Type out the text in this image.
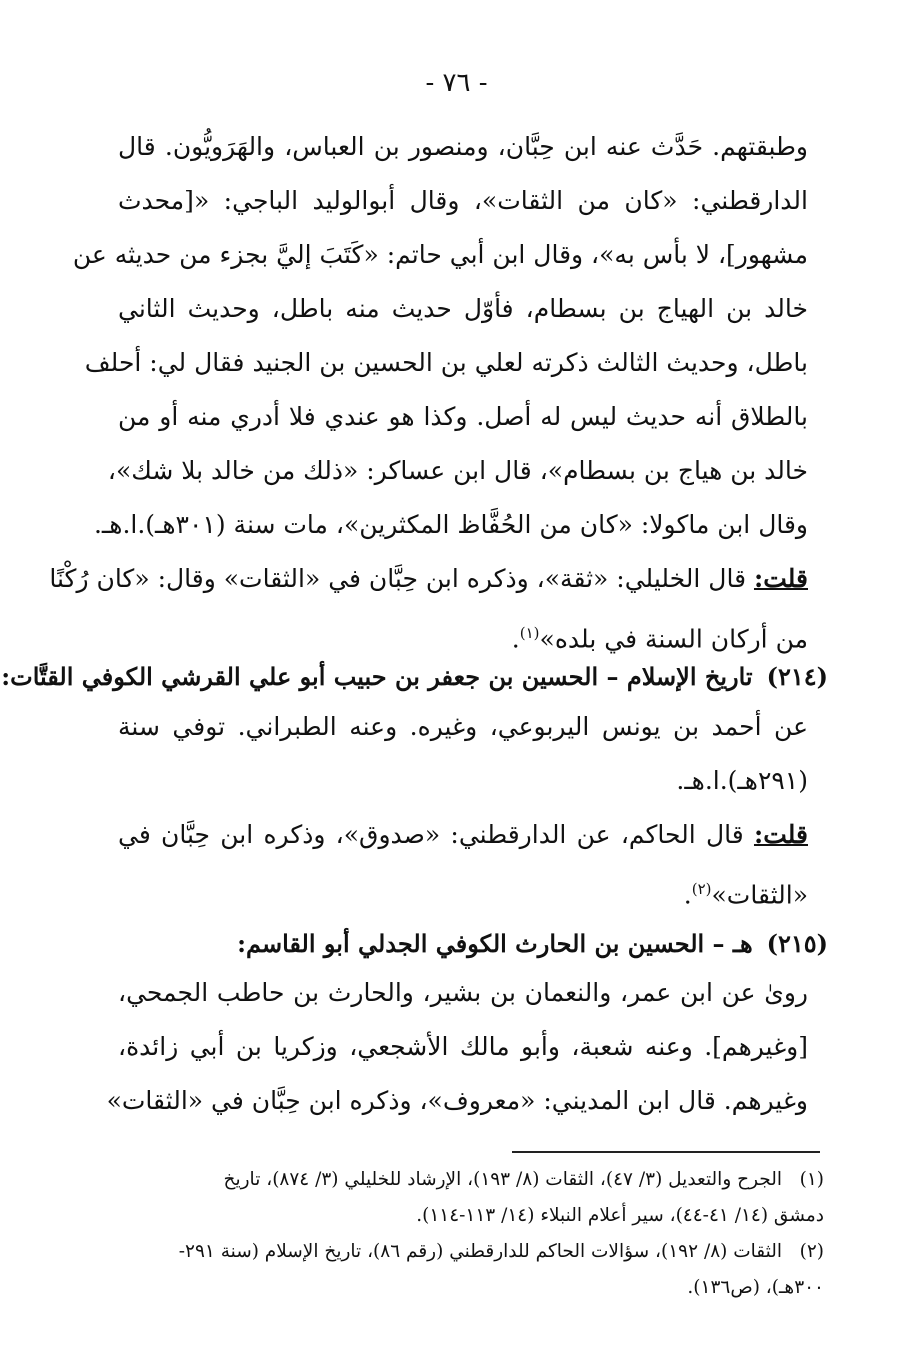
- ٧٦ -
وطبقتهم. حَدَّث عنه ابن حِبَّان، ومنصور بن العباس، والهَرَويُّون. قال
الدارقطني: «كان من الثقات»، وقال أبوالوليد الباجي: «[محدث
مشهور]، لا بأس به»، وقال ابن أبي حاتم: «كَتَبَ إليَّ بجزء من حديثه عن
خالد بن الهياج بن بسطام، فأوّل حديث منه باطل، وحديث الثاني
باطل، وحديث الثالث ذكرته لعلي بن الحسين بن الجنيد فقال لي: أحلف
بالطلاق أنه حديث ليس له أصل. وكذا هو عندي فلا أدري منه أو من
خالد بن هياج بن بسطام»، قال ابن عساكر: «ذلك من خالد بلا شك»،
وقال ابن ماكولا: «كان من الحُفَّاظ المكثرين»، مات سنة (٣٠١هـ).ا.هـ.
قلت: قال الخليلي: «ثقة»، وذكره ابن حِبَّان في «الثقات» وقال: «كان رُكْنًا
من أركان السنة في بلده»$^{(١)}$.
(٢١٤)تاريخ الإسلام – الحسين بن جعفر بن حبيب أبو علي القرشي الكوفي القتَّات:
عن أحمد بن يونس اليربوعي، وغيره. وعنه الطبراني. توفي سنة
(٢٩١هـ).ا.هـ.
قلت: قال الحاكم، عن الدارقطني: «صدوق»، وذكره ابن حِبَّان في
«الثقات»$^{(٢)}$.
(٢١٥)هـ – الحسين بن الحارث الكوفي الجدلي أبو القاسم:
روىٰ عن ابن عمر، والنعمان بن بشير، والحارث بن حاطب الجمحي،
[وغيرهم]. وعنه شعبة، وأبو مالك الأشجعي، وزكريا بن أبي زائدة،
وغيرهم. قال ابن المديني: «معروف»، وذكره ابن حِبَّان في «الثقات»
(١)الجرح والتعديل (٣/ ٤٧)، الثقات (٨/ ١٩٣)، الإرشاد للخليلي (٣/ ٨٧٤)، تاريخ
دمشق (١٤/ ٤١-٤٤)، سير أعلام النبلاء (١٤/ ١١٣-١١٤).
(٢)الثقات (٨/ ١٩٢)، سؤالات الحاكم للدارقطني (رقم ٨٦)، تاريخ الإسلام (سنة ٢٩١-
٣٠٠هـ)، (ص١٣٦).
